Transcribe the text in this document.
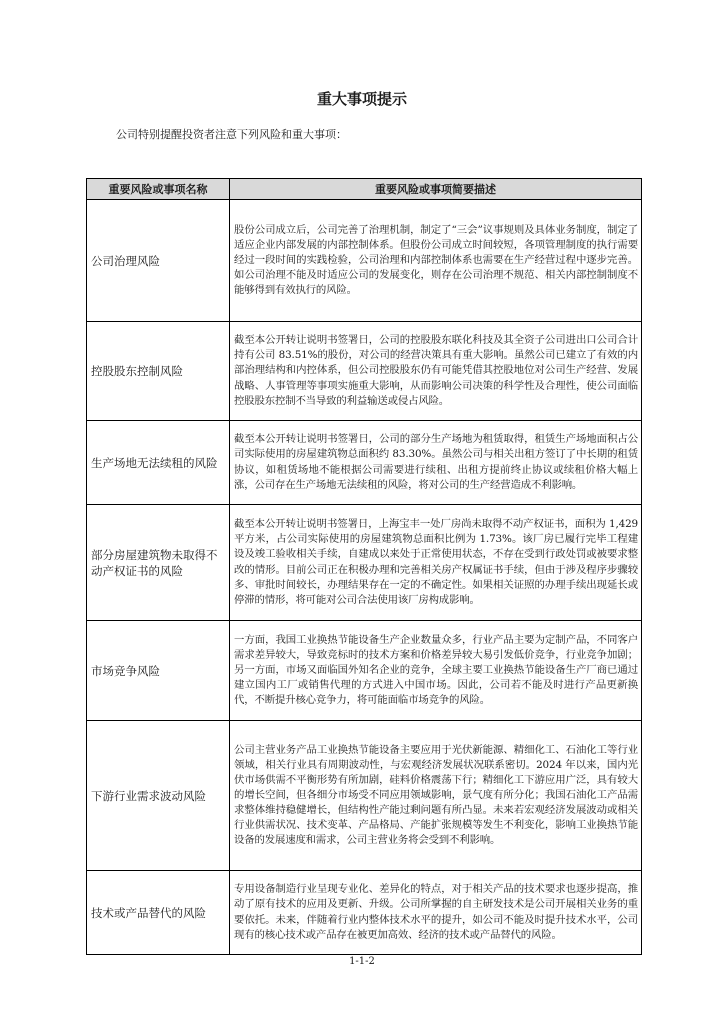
重大事项提示

公司特别提醒投资者注意下列风险和重大事项：

重要风险或事项名称	重要风险或事项简要描述
公司治理风险	股份公司成立后，公司完善了治理机制，制定了“三会”议事规则及具体业务制度，制定了适应企业内部发展的内部控制体系。但股份公司成立时间较短，各项管理制度的执行需要经过一段时间的实践检验，公司治理和内部控制体系也需要在生产经营过程中逐步完善。如公司治理不能及时适应公司的发展变化，则存在公司治理不规范、相关内部控制制度不能够得到有效执行的风险。
控股股东控制风险	截至本公开转让说明书签署日，公司的控股股东联化科技及其全资子公司进出口公司合计持有公司 83.51%的股份，对公司的经营决策具有重大影响。虽然公司已建立了有效的内部治理结构和内控体系，但公司控股股东仍有可能凭借其控股地位对公司生产经营、发展战略、人事管理等事项实施重大影响，从而影响公司决策的科学性及合理性，使公司面临控股股东控制不当导致的利益输送或侵占风险。
生产场地无法续租的风险	截至本公开转让说明书签署日，公司的部分生产场地为租赁取得，租赁生产场地面积占公司实际使用的房屋建筑物总面积约 83.30%。虽然公司与相关出租方签订了中长期的租赁协议，如租赁场地不能根据公司需要进行续租、出租方提前终止协议或续租价格大幅上涨，公司存在生产场地无法续租的风险，将对公司的生产经营造成不利影响。
部分房屋建筑物未取得不动产权证书的风险	截至本公开转让说明书签署日，上海宝丰一处厂房尚未取得不动产权证书，面积为 1,429 平方米，占公司实际使用的房屋建筑物总面积比例为 1.73%。该厂房已履行完毕工程建设及竣工验收相关手续，自建成以来处于正常使用状态，不存在受到行政处罚或被要求整改的情形。目前公司正在积极办理和完善相关房产权属证书手续，但由于涉及程序步骤较多、审批时间较长，办理结果存在一定的不确定性。如果相关证照的办理手续出现延长或停滞的情形，将可能对公司合法使用该厂房构成影响。
市场竞争风险	一方面，我国工业换热节能设备生产企业数量众多，行业产品主要为定制产品，不同客户需求差异较大，导致竞标时的技术方案和价格差异较大易引发低价竞争，行业竞争加剧；另一方面，市场又面临国外知名企业的竞争，全球主要工业换热节能设备生产厂商已通过建立国内工厂或销售代理的方式进入中国市场。因此，公司若不能及时进行产品更新换代，不断提升核心竞争力，将可能面临市场竞争的风险。
下游行业需求波动风险	公司主营业务产品工业换热节能设备主要应用于光伏新能源、精细化工、石油化工等行业领域，相关行业具有周期波动性，与宏观经济发展状况联系密切。2024 年以来，国内光伏市场供需不平衡形势有所加剧，硅料价格震荡下行；精细化工下游应用广泛，具有较大的增长空间，但各细分市场受不同应用领域影响，景气度有所分化；我国石油化工产品需求整体维持稳健增长，但结构性产能过剩问题有所凸显。未来若宏观经济发展波动或相关行业供需状况、技术变革、产品格局、产能扩张规模等发生不利变化，影响工业换热节能设备的发展速度和需求，公司主营业务将会受到不利影响。
技术或产品替代的风险	专用设备制造行业呈现专业化、差异化的特点，对于相关产品的技术要求也逐步提高，推动了原有技术的应用及更新、升级。公司所掌握的自主研发技术是公司开展相关业务的重要依托。未来，伴随着行业内整体技术水平的提升，如公司不能及时提升技术水平，公司现有的核心技术或产品存在被更加高效、经济的技术或产品替代的风险。

1-1-2
